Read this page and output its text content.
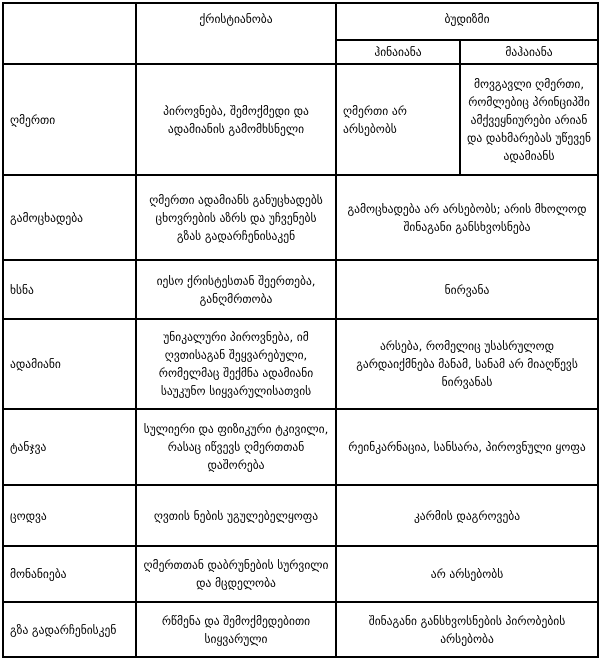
	ქრისტიანობა	ბუდიზმი	
		ჰინაიანა	მაჰაიანა
ღმერთი	პიროვნება, შემოქმედი და ადამიანის გამომხსნელი	ღმერთი არ არსებობს	მოვგავლი ღმერთი, რომლებიც პრინციპში ამქვეყნიურები არიან და დახმარებას უწევენ ადამიანს
გამოცხადება	ღმერთი ადამიანს განუცხადებს ცხოვრების აზრს და უჩვენებს გზას გადარჩენისაკენ	გამოცხადება არ არსებობს; არის მხოლოდ შინაგანი განსხვოსნება	
ხსნა	იესო ქრისტესთან შეერთება, განღმრთობა	ნირვანა	
ადამიანი	უნიკალური პიროვნება, იმ ღვთისაგან შეყვარებული, რომელმაც შექმნა ადამიანი საუკუნო სიყვარულისათვის	არსება, რომელიც უსასრულოდ გარდაიქმნება მანამ, სანამ არ მიაღწევს ნირვანას	
ტანჯვა	სულიერი და ფიზიკური ტკივილი, რასაც იწვევს ღმერთთან დაშორება	რეინკარნაცია, სანსარა, პიროვნული ყოფა	
ცოდვა	ღვთის ნების უგულებელყოფა	კარმის დაგროვება	
მონანიება	ღმერთთან დაბრუნების სურვილი და მცდელობა	არ არსებობს	
გზა გადარჩენისკენ	რწმენა და შემოქმედებითი სიყვარული	შინაგანი განსხვოსნების პირობების არსებობა	
